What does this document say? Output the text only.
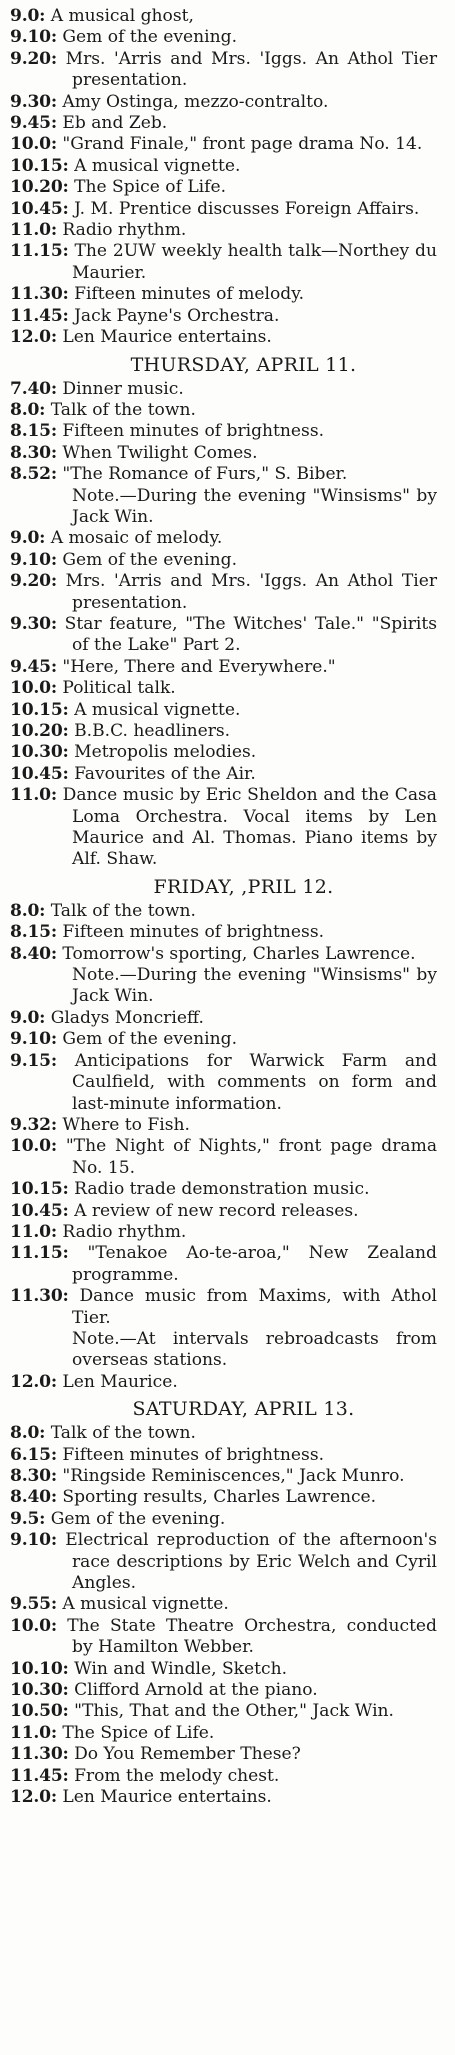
9.0: A musical ghost,

9.10: Gem of the evening.

9.20: Mrs. 'Arris and Mrs. 'Iggs. An Athol Tier presentation.

9.30: Amy Ostinga, mezzo-contralto.

9.45: Eb and Zeb.

10.0: "Grand Finale," front page drama No. 14.

10.15: A musical vignette.

10.20: The Spice of Life.

10.45: J. M. Prentice discusses Foreign Affairs.

11.0: Radio rhythm.

11.15: The 2UW weekly health talk—Northey du Maurier.

11.30: Fifteen minutes of melody.

11.45: Jack Payne's Orchestra.

12.0: Len Maurice entertains.

THURSDAY, APRIL 11.

7.40: Dinner music.

8.0: Talk of the town.

8.15: Fifteen minutes of brightness.

8.30: When Twilight Comes.

8.52: "The Romance of Furs," S. Biber.

Note.—During the evening "Winsisms" by Jack Win.

9.0: A mosaic of melody.

9.10: Gem of the evening.

9.20: Mrs. 'Arris and Mrs. 'Iggs. An Athol Tier presentation.

9.30: Star feature, "The Witches' Tale." "Spirits of the Lake" Part 2.

9.45: "Here, There and Everywhere."

10.0: Political talk.

10.15: A musical vignette.

10.20: B.B.C. headliners.

10.30: Metropolis melodies.

10.45: Favourites of the Air.

11.0: Dance music by Eric Sheldon and the Casa Loma Orchestra. Vocal items by Len Maurice and Al. Thomas. Piano items by Alf. Shaw.

FRIDAY, ,PRIL 12.

8.0: Talk of the town.

8.15: Fifteen minutes of brightness.

8.40: Tomorrow's sporting, Charles Lawrence.

Note.—During the evening "Winsisms" by Jack Win.

9.0: Gladys Moncrieff.

9.10: Gem of the evening.

9.15: Anticipations for Warwick Farm and Caulfield, with comments on form and last-minute information.

9.32: Where to Fish.

10.0: "The Night of Nights," front page drama No. 15.

10.15: Radio trade demonstration music.

10.45: A review of new record releases.

11.0: Radio rhythm.

11.15: "Tenakoe Ao-te-aroa," New Zealand programme.

11.30: Dance music from Maxims, with Athol Tier.

Note.—At intervals rebroadcasts from overseas stations.

12.0: Len Maurice.

SATURDAY, APRIL 13.

8.0: Talk of the town.

6.15: Fifteen minutes of brightness.

8.30: "Ringside Reminiscences," Jack Munro.

8.40: Sporting results, Charles Lawrence.

9.5: Gem of the evening.

9.10: Electrical reproduction of the afternoon's race descriptions by Eric Welch and Cyril Angles.

9.55: A musical vignette.

10.0: The State Theatre Orchestra, conducted by Hamilton Webber.

10.10: Win and Windle, Sketch.

10.30: Clifford Arnold at the piano.

10.50: "This, That and the Other," Jack Win.

11.0: The Spice of Life.

11.30: Do You Remember These?

11.45: From the melody chest.

12.0: Len Maurice entertains.
